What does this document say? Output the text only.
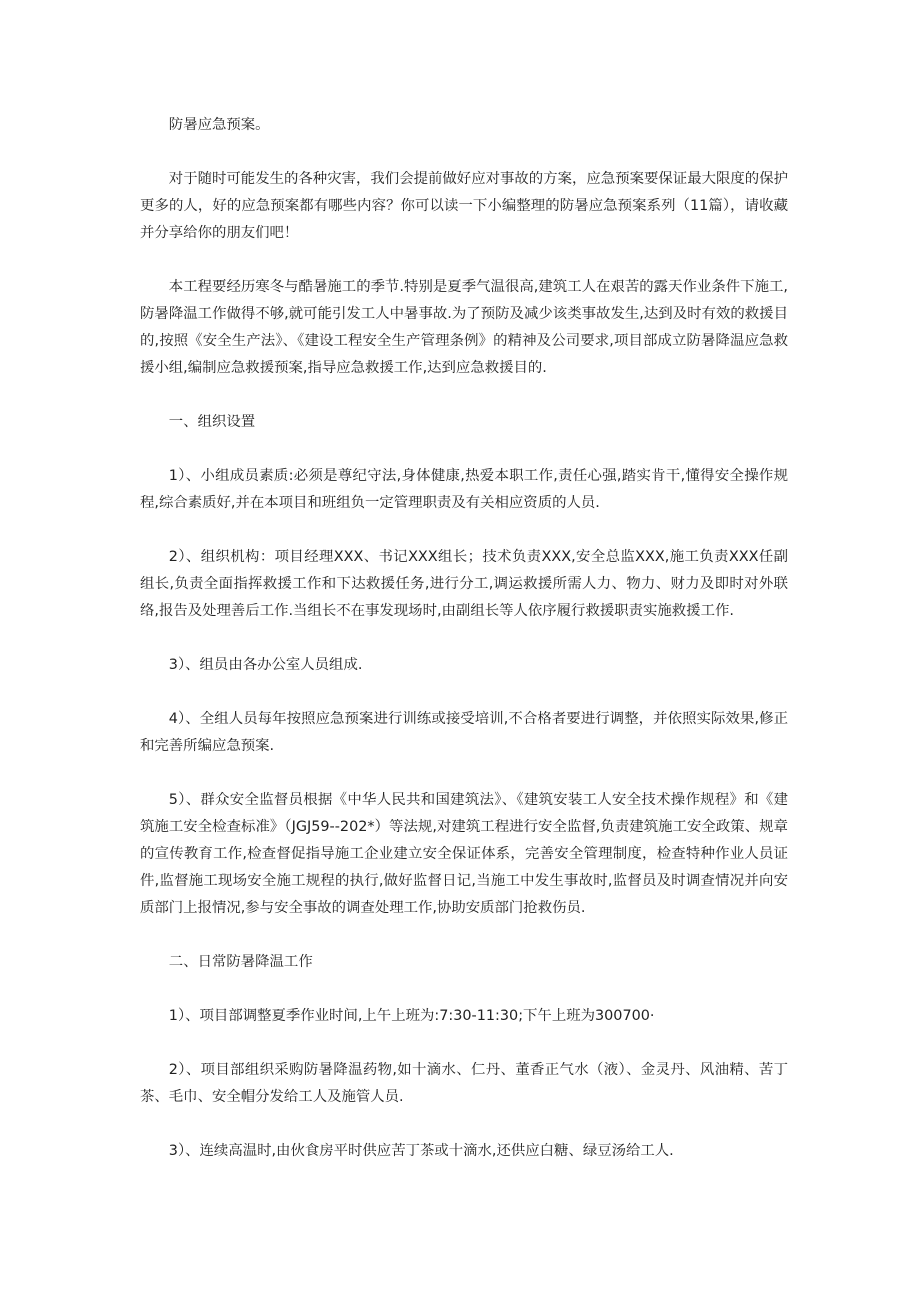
防暑应急预案。

对于随时可能发生的各种灾害，我们会提前做好应对事故的方案，应急预案要保证最大限度的保护更多的人，好的应急预案都有哪些内容？你可以读一下小编整理的防暑应急预案系列（11篇），请收藏并分享给你的朋友们吧！

本工程要经历寒冬与酷暑施工的季节.特别是夏季气温很高,建筑工人在艰苦的露天作业条件下施工,防暑降温工作做得不够,就可能引发工人中暑事故.为了预防及减少该类事故发生,达到及时有效的救援目的,按照《安全生产法》、《建设工程安全生产管理条例》的精神及公司要求,项目部成立防暑降温应急救援小组,编制应急救援预案,指导应急救援工作,达到应急救援目的.

一、组织设置

1）、小组成员素质:必须是尊纪守法,身体健康,热爱本职工作,责任心强,踏实肯干,懂得安全操作规程,综合素质好,并在本项目和班组负一定管理职责及有关相应资质的人员.

2）、组织机构：项目经理XXX、书记XXX组长；技术负责XXX,安全总监XXX,施工负责XXX任副组长,负责全面指挥救援工作和下达救援任务,进行分工,调运救援所需人力、物力、财力及即时对外联络,报告及处理善后工作.当组长不在事发现场时,由副组长等人依序履行救援职责实施救援工作.

3）、组员由各办公室人员组成.

4）、全组人员每年按照应急预案进行训练或接受培训,不合格者要进行调整，并依照实际效果,修正和完善所编应急预案.

5）、群众安全监督员根据《中华人民共和国建筑法》、《建筑安装工人安全技术操作规程》和《建筑施工安全检查标准》（JGJ59--202*）等法规,对建筑工程进行安全监督,负责建筑施工安全政策、规章的宣传教育工作,检查督促指导施工企业建立安全保证体系，完善安全管理制度，检查特种作业人员证件,监督施工现场安全施工规程的执行,做好监督日记,当施工中发生事故时,监督员及时调查情况并向安质部门上报情况,参与安全事故的调查处理工作,协助安质部门抢救伤员.

二、日常防暑降温工作

1）、项目部调整夏季作业时间,上午上班为:7:30-11:30;下午上班为300700·

2）、项目部组织采购防暑降温药物,如十滴水、仁丹、董香正气水（液）、金灵丹、风油精、苦丁茶、毛巾、安全帽分发给工人及施管人员.

3）、连续高温时,由伙食房平时供应苦丁茶或十滴水,还供应白糖、绿豆汤给工人.
